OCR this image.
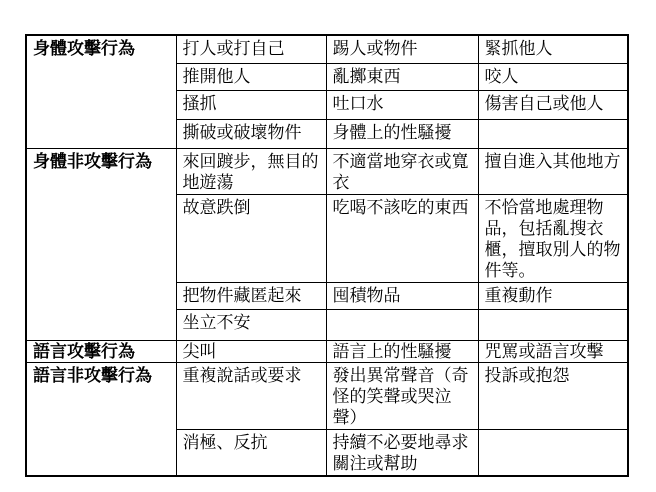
身體攻擊行為	打人或打自己	踢人或物件	緊抓他人
	推開他人	亂擲東西	咬人
	搔抓	吐口水	傷害自己或他人
	撕破或破壞物件	身體上的性騷擾	
身體非攻擊行為	來回踱步，無目的地遊蕩	不適當地穿衣或寬衣	擅自進入其他地方
	故意跌倒	吃喝不該吃的東西	不恰當地處理物品，包括亂搜衣櫃，擅取別人的物件等。
	把物件藏匿起來	囤積物品	重複動作
	坐立不安		
語言攻擊行為	尖叫	語言上的性騷擾	咒罵或語言攻擊
語言非攻擊行為	重複說話或要求	發出異常聲音（奇怪的笑聲或哭泣聲）	投訴或抱怨
	消極、反抗	持續不必要地尋求關注或幫助	
